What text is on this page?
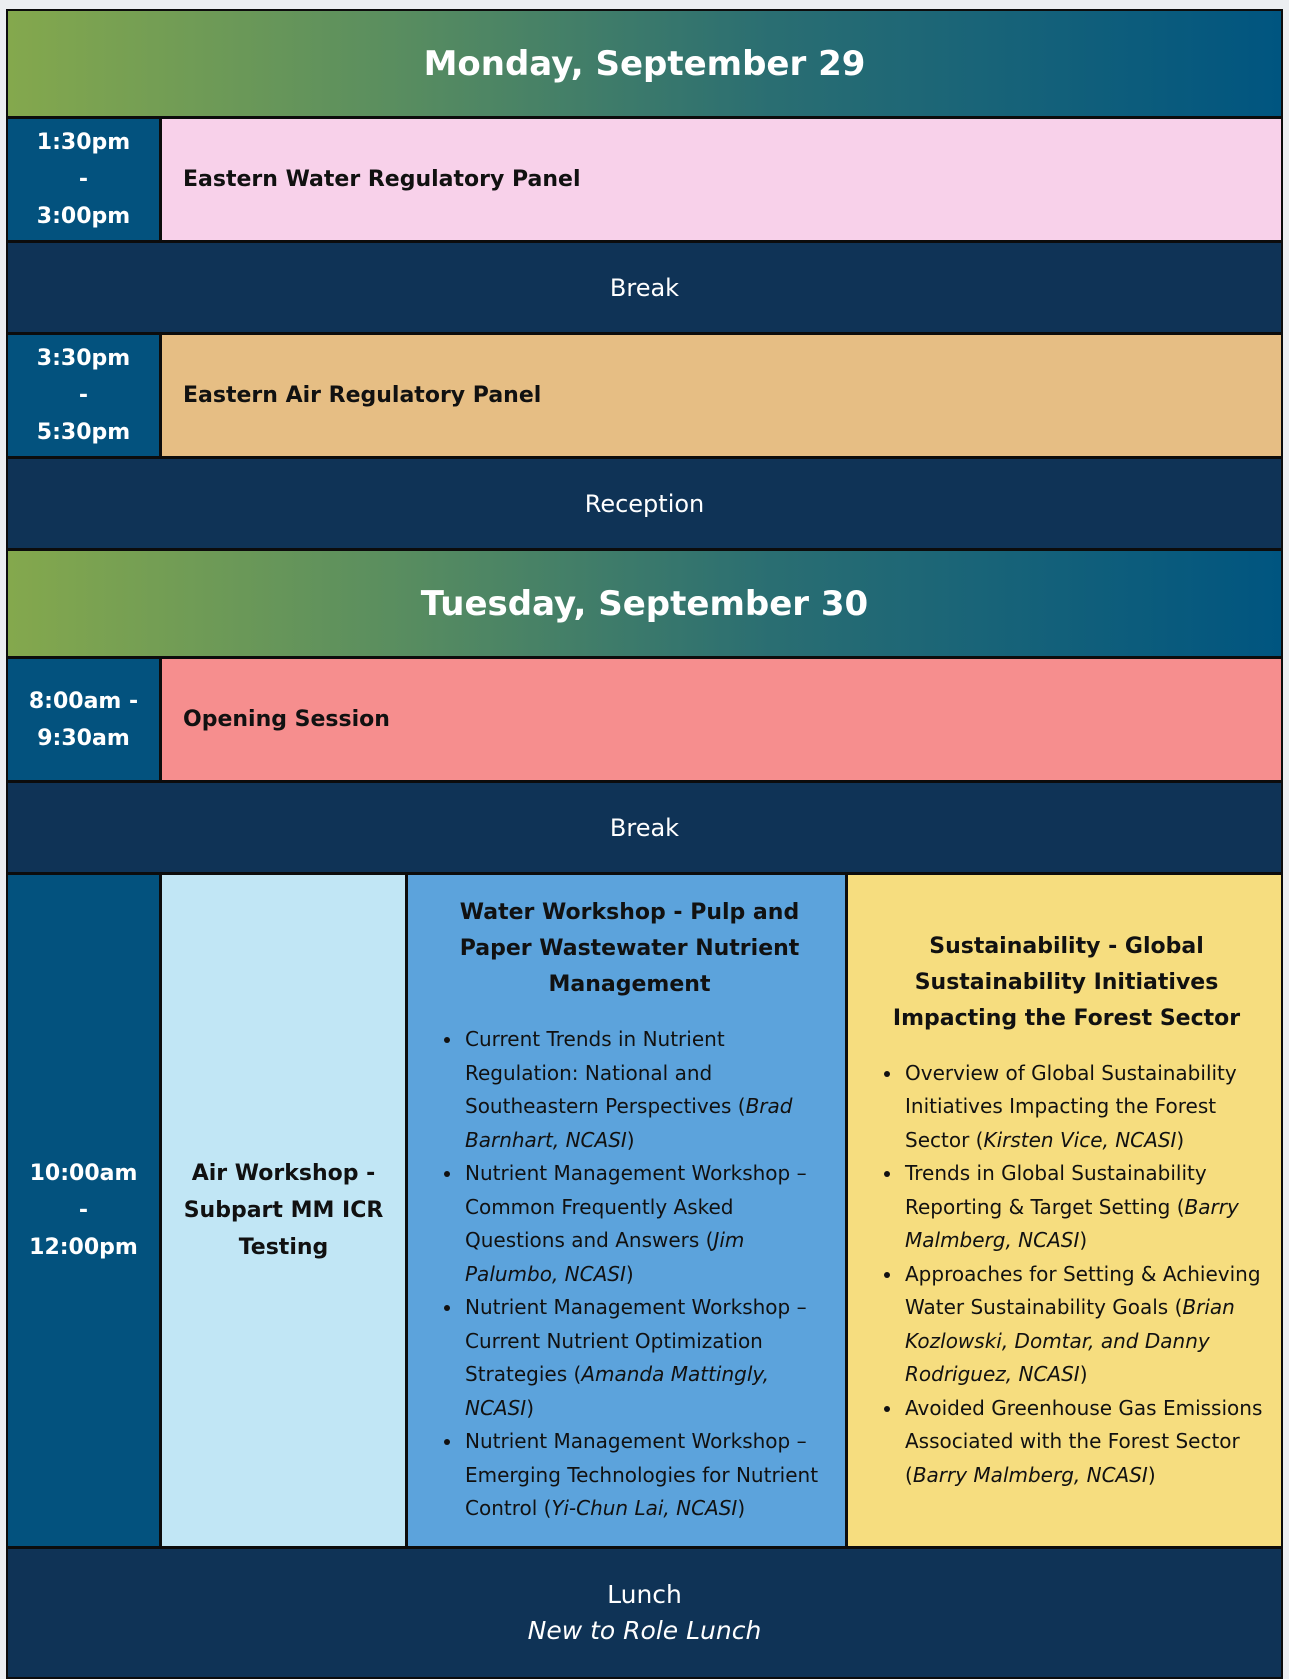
Monday, September 29
1:30pm - 3:00pm
Eastern Water Regulatory Panel
Break
3:30pm - 5:30pm
Eastern Air Regulatory Panel
Reception
Tuesday, September 30
8:00am - 9:30am
Opening Session
Break
10:00am - 12:00pm
Air Workshop - Subpart MM ICR Testing
Water Workshop - Pulp and Paper Wastewater Nutrient Management
• Current Trends in Nutrient Regulation: National and Southeastern Perspectives (Brad Barnhart, NCASI)
• Nutrient Management Workshop – Common Frequently Asked Questions and Answers (Jim Palumbo, NCASI)
• Nutrient Management Workshop – Current Nutrient Optimization Strategies (Amanda Mattingly, NCASI)
• Nutrient Management Workshop – Emerging Technologies for Nutrient Control (Yi-Chun Lai, NCASI)
Sustainability - Global Sustainability Initiatives Impacting the Forest Sector
• Overview of Global Sustainability Initiatives Impacting the Forest Sector (Kirsten Vice, NCASI)
• Trends in Global Sustainability Reporting & Target Setting (Barry Malmberg, NCASI)
• Approaches for Setting & Achieving Water Sustainability Goals (Brian Kozlowski, Domtar, and Danny Rodriguez, NCASI)
• Avoided Greenhouse Gas Emissions Associated with the Forest Sector (Barry Malmberg, NCASI)
Lunch
New to Role Lunch
